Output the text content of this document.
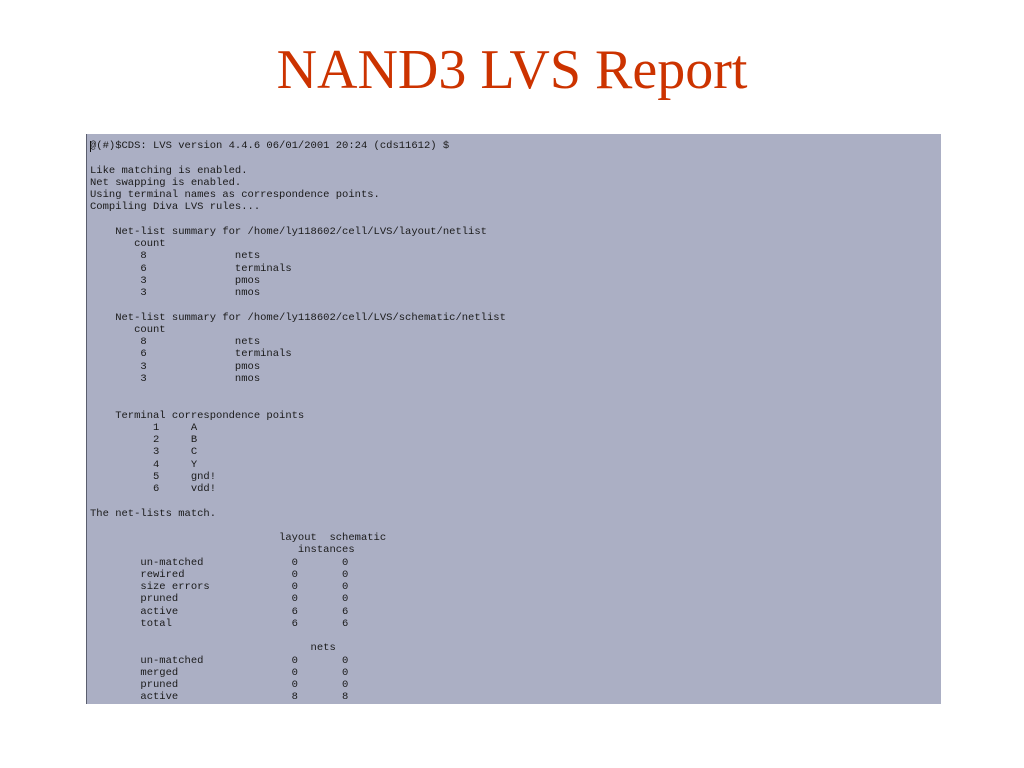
NAND3 LVS Report
@(#)$CDS: LVS version 4.4.6 06/01/2001 20:24 (cds11612) $
Like matching is enabled.
Net swapping is enabled.
Using terminal names as correspondence points.
Compiling Diva LVS rules...
Net-list summary for /home/ly118602/cell/LVS/layout/netlist
count
8              nets
6              terminals
3              pmos
3              nmos
Net-list summary for /home/ly118602/cell/LVS/schematic/netlist
count
8              nets
6              terminals
3              pmos
3              nmos
Terminal correspondence points
1     A
2     B
3     C
4     Y
5     gnd!
6     vdd!
The net-lists match.
layout  schematic
instances
un-matched              0       0
rewired                 0       0
size errors             0       0
pruned                  0       0
active                  6       6
total                   6       6
nets
un-matched              0       0
merged                  0       0
pruned                  0       0
active                  8       8
